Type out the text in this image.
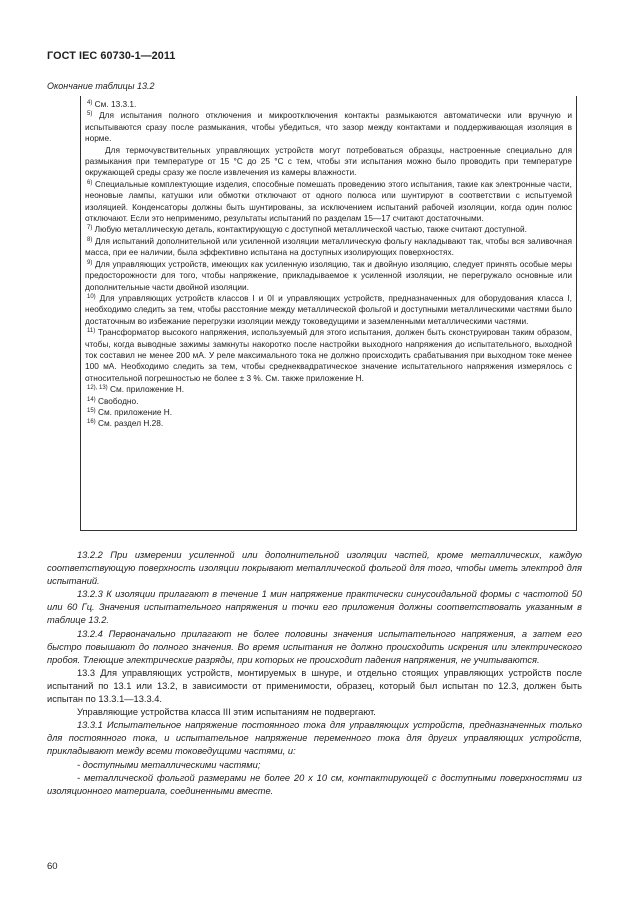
ГОСТ IEC 60730-1—2011
Окончание таблицы 13.2

$^{4)}$ См. 13.3.1.

$^{5)}$ Для испытания полного отключения и микроотключения контакты размыкаются автоматически или вручную и испытываются сразу после размыкания, чтобы убедиться, что зазор между контактами и поддерживающая изоляция в норме.

Для термочувствительных управляющих устройств могут потребоваться образцы, настроенные специально для размыкания при температуре от 15 °С до 25 °С с тем, чтобы эти испытания можно было проводить при температуре окружающей среды сразу же после извлечения из камеры влажности.

$^{6)}$ Специальные комплектующие изделия, способные помешать проведению этого испытания, такие как электронные части, неоновые лампы, катушки или обмотки отключают от одного полюса или шунтируют в соответствии с испытуемой изоляцией. Конденсаторы должны быть шунтированы, за исключением испытаний рабочей изоляции, когда один полюс отключают. Если это неприменимо, результаты испытаний по разделам 15—17 считают достаточными.

$^{7)}$ Любую металлическую деталь, контактирующую с доступной металлической частью, также считают доступной.

$^{8)}$ Для испытаний дополнительной или усиленной изоляции металлическую фольгу накладывают так, чтобы вся заливочная масса, при ее наличии, была эффективно испытана на доступных изолирующих поверхностях.

$^{9)}$ Для управляющих устройств, имеющих как усиленную изоляцию, так и двойную изоляцию, следует принять особые меры предосторожности для того, чтобы напряжение, прикладываемое к усиленной изоляции, не перегружало основные или дополнительные части двойной изоляции.

$^{10)}$ Для управляющих устройств классов I и 0I и управляющих устройств, предназначенных для оборудования класса I, необходимо следить за тем, чтобы расстояние между металлической фольгой и доступными металлическими частями было достаточным во избежание перегрузки изоляции между токоведущими и заземленными металлическими частями.

$^{11)}$ Трансформатор высокого напряжения, используемый для этого испытания, должен быть сконструирован таким образом, чтобы, когда выводные зажимы замкнуты накоротко после настройки выходного напряжения до испытательного, выходной ток составил не менее 200 мА. У реле максимального тока не должно происходить срабатывания при выходном токе менее 100 мА. Необходимо следить за тем, чтобы среднеквадратическое значение испытательного напряжения измерялось с относительной погрешностью не более ± 3 %. См. также приложение Н.

$^{12), 13)}$ См. приложение Н.

$^{14)}$ Свободно.

$^{15)}$ См. приложение Н.

$^{16)}$ См. раздел Н.28.

13.2.2 При измерении усиленной или дополнительной изоляции частей, кроме металлических, каждую соответствующую поверхность изоляции покрывают металлической фольгой для того, чтобы иметь электрод для испытаний.

13.2.3 К изоляции прилагают в течение 1 мин напряжение практически синусоидальной формы с частотой 50 или 60 Гц. Значения испытательного напряжения и точки его приложения должны соответствовать указанным в таблице 13.2.

13.2.4 Первоначально прилагают не более половины значения испытательного напряжения, а затем его быстро повышают до полного значения. Во время испытания не должно происходить искрения или электрического пробоя. Тлеющие электрические разряды, при которых не происходит падения напряжения, не учитываются.

13.3 Для управляющих устройств, монтируемых в шнуре, и отдельно стоящих управляющих устройств после испытаний по 13.1 или 13.2, в зависимости от применимости, образец, который был испытан по 12.3, должен быть испытан по 13.3.1—13.3.4.

Управляющие устройства класса III этим испытаниям не подвергают.

13.3.1 Испытательное напряжение постоянного тока для управляющих устройств, предназначенных только для постоянного тока, и испытательное напряжение переменного тока для других управляющих устройств, прикладывают между всеми токоведущими частями, и:

- доступными металлическими частями;

- металлической фольгой размерами не более 20 х 10 см, контактирующей с доступными поверхностями из изоляционного материала, соединенными вместе.

60
